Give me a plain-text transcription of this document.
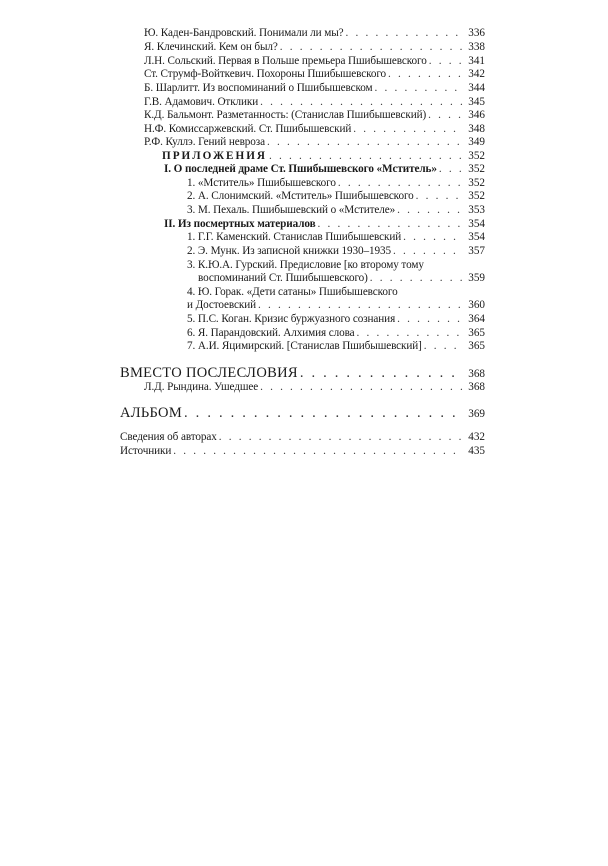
Ю. Каден-Бандровский. Понимали ли мы? . . .	336
Я. Клечинский. Кем он был? . . .	338
Л.Н. Сольский. Первая в Польше премьера Пшибышевского . . .	341
Ст. Струмф-Войткевич. Похороны Пшибышевского . . .	342
Б. Шарлитт. Из воспоминаний о Пшибышевском . . .	344
Г.В. Адамович. Отклики . . .	345
К.Д. Бальмонт. Разметанность: (Станислав Пшибышевский) . . .	346
Н.Ф. Комиссаржевский. Ст. Пшибышевский . . .	348
Р.Ф. Куллэ. Гений невроза . . .	349
ПРИЛОЖЕНИЯ . . .	352
I. О последней драме Ст. Пшибышевского «Мститель» . . .	352
1. «Мститель» Пшибышевского . . .	352
2. А. Слонимский. «Мститель» Пшибышевского . . .	352
3. М. Пехаль. Пшибышевский о «Мстителе» . . .	353
II. Из посмертных материалов . . .	354
1. Г.Г. Каменский. Станислав Пшибышевский . . .	354
2. Э. Мунк. Из записной книжки 1930–1935 . . .	357
3. К.Ю.А. Гурский. Предисловие [ко второму тому
воспоминаний Ст. Пшибышевского) . . .	359
4. Ю. Горак. «Дети сатаны» Пшибышевского
и Достоевский . . .	360
5. П.С. Коган. Кризис буржуазного сознания . . .	364
6. Я. Парандовский. Алхимия слова . . .	365
7. А.И. Яцимирский. [Станислав Пшибышевский] . . .	365
ВМЕСТО ПОСЛЕСЛОВИЯ . . .	368
Л.Д. Рындина. Ушедшее . . .	368
АЛЬБОМ . . .	369
Сведения об авторах . . .	432
Источники . . .	435
